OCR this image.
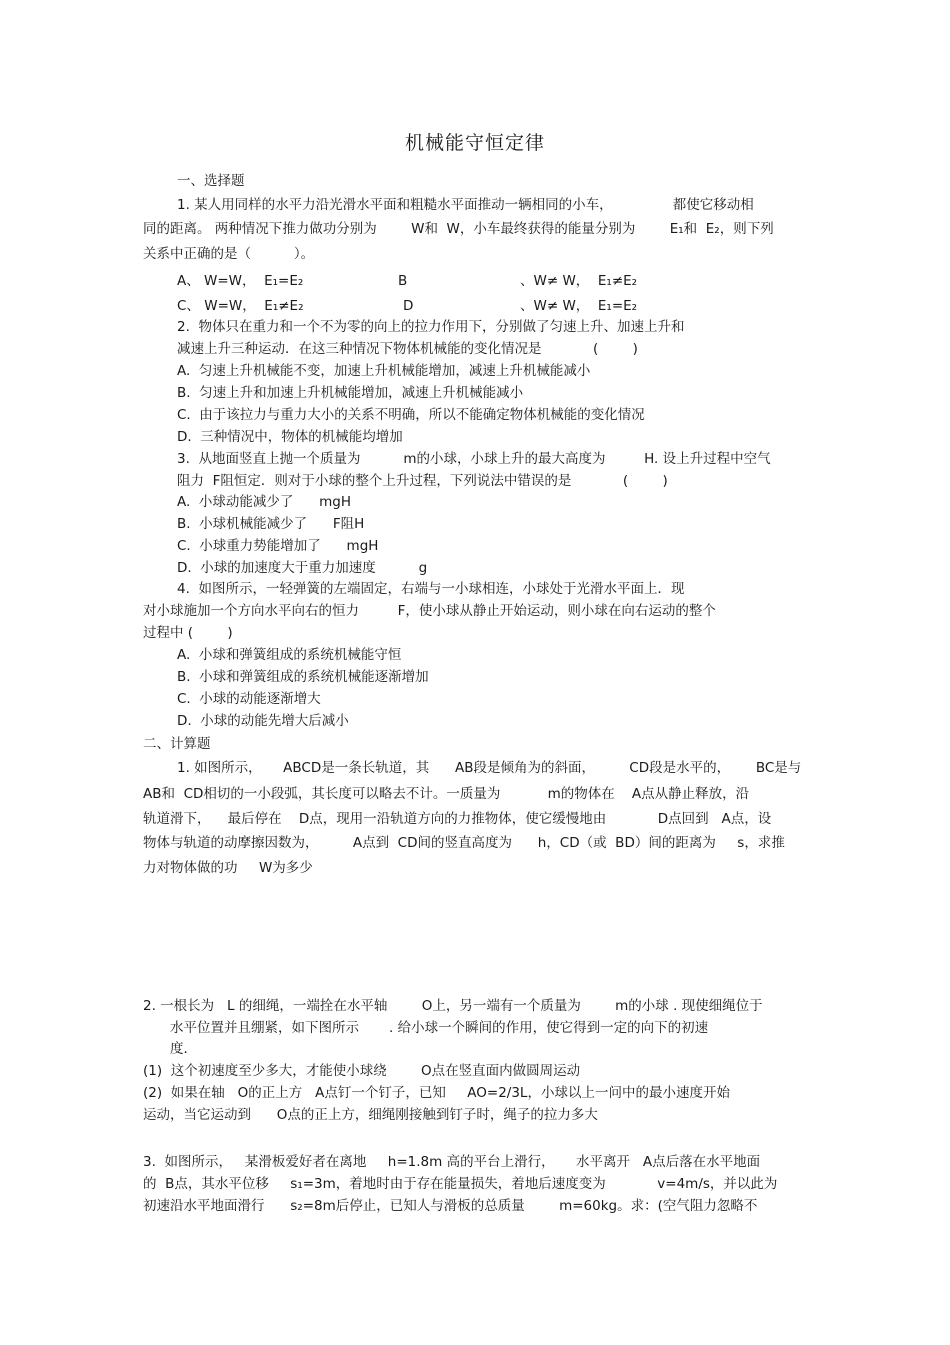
机械能守恒定律
一、选择题
1. 某人用同样的水平力沿光滑水平面和粗糙水平面推动一辆相同的小车，              都使它移动相
同的距离。 两种情况下推力做功分别为        W和  W，小车最终获得的能量分别为        E₁和  E₂，则下列
关系中正确的是（          ）。
A、 W=W，  E₁=E₂	B	、W≠ W，  E₁≠E₂
C、 W=W，  E₁≠E₂	D	、W≠ W，  E₁=E₂
2.  物体只在重力和一个不为零的向上的拉力作用下，分别做了匀速上升、加速上升和
减速上升三种运动．在这三种情况下物体机械能的变化情况是            (        )
A.  匀速上升机械能不变，加速上升机械能增加，减速上升机械能减小
B.  匀速上升和加速上升机械能增加，减速上升机械能减小
C.  由于该拉力与重力大小的关系不明确，所以不能确定物体机械能的变化情况
D.  三种情况中，物体的机械能均增加
3.  从地面竖直上抛一个质量为          m的小球，小球上升的最大高度为         H. 设上升过程中空气
阻力  F阻恒定．则对于小球的整个上升过程，下列说法中错误的是            (        )
A.  小球动能减少了      mgH
B.  小球机械能减少了      F阻H
C.  小球重力势能增加了      mgH
D.  小球的加速度大于重力加速度          g
4.  如图所示，一轻弹簧的左端固定，右端与一小球相连，小球处于光滑水平面上．现
对小球施加一个方向水平向右的恒力         F，使小球从静止开始运动，则小球在向右运动的整个
过程中 (        )
A.  小球和弹簧组成的系统机械能守恒
B.  小球和弹簧组成的系统机械能逐渐增加
C.  小球的动能逐渐增大
D.  小球的动能先增大后减小
二、计算题
1. 如图所示，     ABCD是一条长轨道，其      AB段是倾角为的斜面，        CD段是水平的，      BC是与
AB和  CD相切的一小段弧，其长度可以略去不计。一质量为           m的物体在    A点从静止释放，沿
轨道滑下，    最后停在    D点，现用一沿轨道方向的力推物体，使它缓慢地由            D点回到   A点，设
物体与轨道的动摩擦因数为，        A点到  CD间的竖直高度为      h，CD（或  BD）间的距离为     s，求推
力对物体做的功     W为多少
2. 一根长为   L 的细绳，一端拴在水平轴        O上，另一端有一个质量为        m的小球 . 现使细绳位于
水平位置并且绷紧，如下图所示       . 给小球一个瞬间的作用，使它得到一定的向下的初速
度．
(1)  这个初速度至少多大，才能使小球绕        O点在竖直面内做圆周运动
(2)  如果在轴   O的正上方   A点钉一个钉子，已知     AO=2/3L，小球以上一问中的最小速度开始
运动，当它运动到      O点的正上方，细绳刚接触到钉子时，绳子的拉力多大
3.  如图所示，   某滑板爱好者在离地     h=1.8m 高的平台上滑行，     水平离开   A点后落在水平地面
的  B点，其水平位移     s₁=3m，着地时由于存在能量损失，着地后速度变为            v=4m/s，并以此为
初速沿水平地面滑行      s₂=8m后停止，已知人与滑板的总质量        m=60kg。求：(空气阻力忽略不
